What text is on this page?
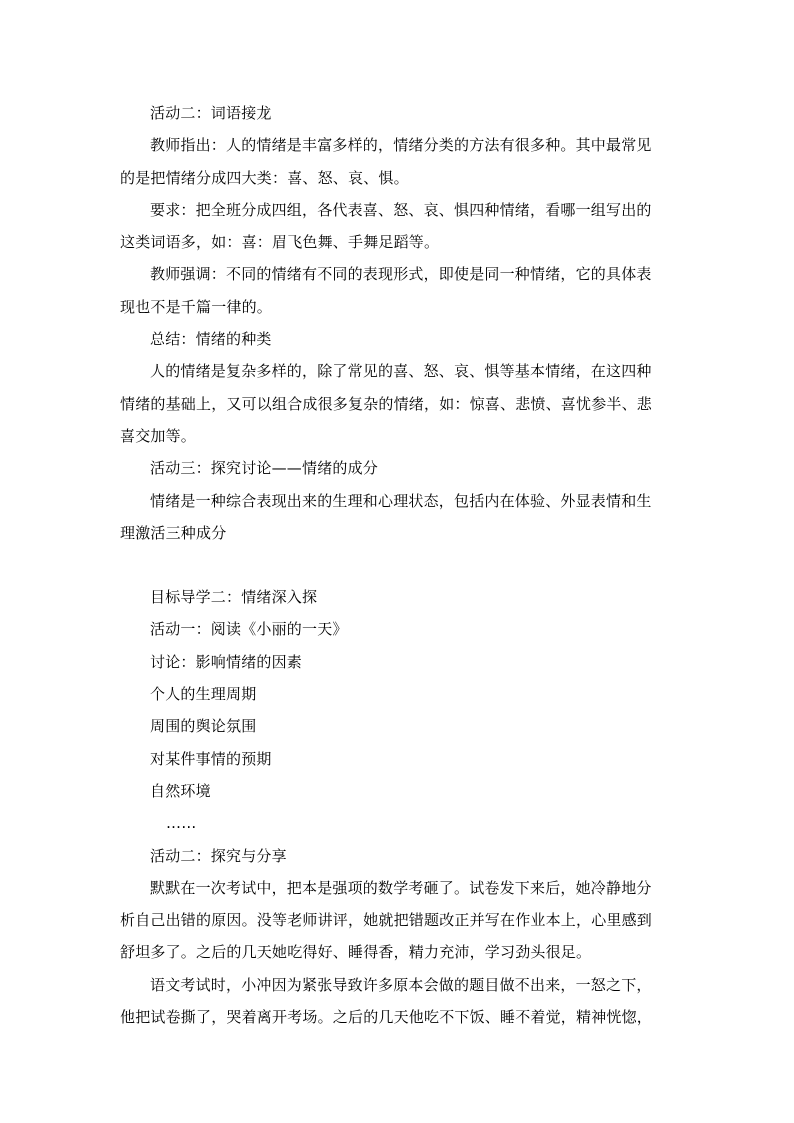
活动二：词语接龙
教师指出：人的情绪是丰富多样的，情绪分类的方法有很多种。其中最常见
的是把情绪分成四大类：喜、怒、哀、惧。
要求：把全班分成四组，各代表喜、怒、哀、惧四种情绪，看哪一组写出的
这类词语多，如：喜：眉飞色舞、手舞足蹈等。
教师强调：不同的情绪有不同的表现形式，即使是同一种情绪，它的具体表
现也不是千篇一律的。
总结：情绪的种类
人的情绪是复杂多样的，除了常见的喜、怒、哀、惧等基本情绪，在这四种
情绪的基础上，又可以组合成很多复杂的情绪，如：惊喜、悲愤、喜忧参半、悲
喜交加等。
活动三：探究讨论——情绪的成分
情绪是一种综合表现出来的生理和心理状态，包括内在体验、外显表情和生
理激活三种成分
目标导学二：情绪深入探
活动一：阅读《小丽的一天》
讨论：影响情绪的因素
个人的生理周期
周围的舆论氛围
对某件事情的预期
自然环境
……
活动二：探究与分享
默默在一次考试中，把本是强项的数学考砸了。试卷发下来后，她冷静地分
析自己出错的原因。没等老师讲评，她就把错题改正并写在作业本上，心里感到
舒坦多了。之后的几天她吃得好、睡得香，精力充沛，学习劲头很足。
语文考试时，小冲因为紧张导致许多原本会做的题目做不出来，一怒之下，
他把试卷撕了，哭着离开考场。之后的几天他吃不下饭、睡不着觉，精神恍惚，
